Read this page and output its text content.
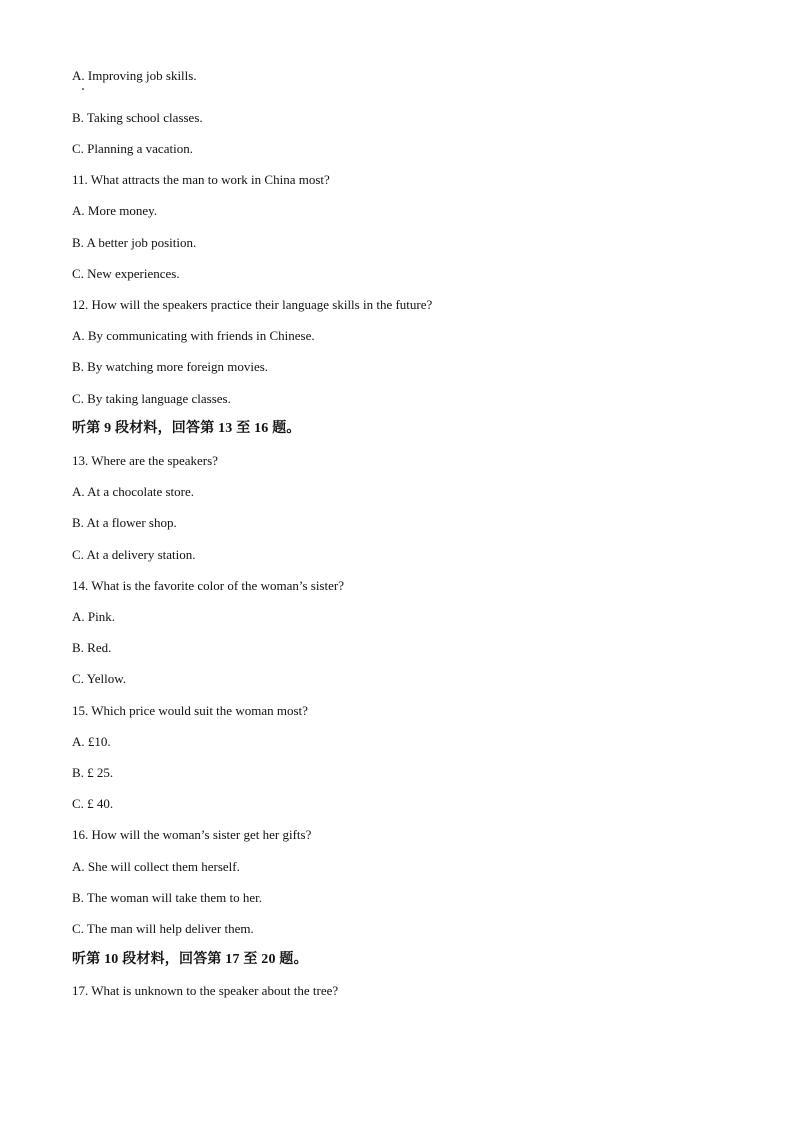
A. Improving job skills.
B. Taking school classes.
C. Planning a vacation.
11. What attracts the man to work in China most?
A. More money.
B. A better job position.
C. New experiences.
12. How will the speakers practice their language skills in the future?
A. By communicating with friends in Chinese.
B. By watching more foreign movies.
C. By taking language classes.
听第 9 段材料，回答第 13 至 16 题。
13. Where are the speakers?
A. At a chocolate store.
B. At a flower shop.
C. At a delivery station.
14. What is the favorite color of the woman’s sister?
A. Pink.
B. Red.
C. Yellow.
15. Which price would suit the woman most?
A. £10.
B. £ 25.
C. £ 40.
16. How will the woman’s sister get her gifts?
A. She will collect them herself.
B. The woman will take them to her.
C. The man will help deliver them.
听第 10 段材料，回答第 17 至 20 题。
17. What is unknown to the speaker about the tree?
